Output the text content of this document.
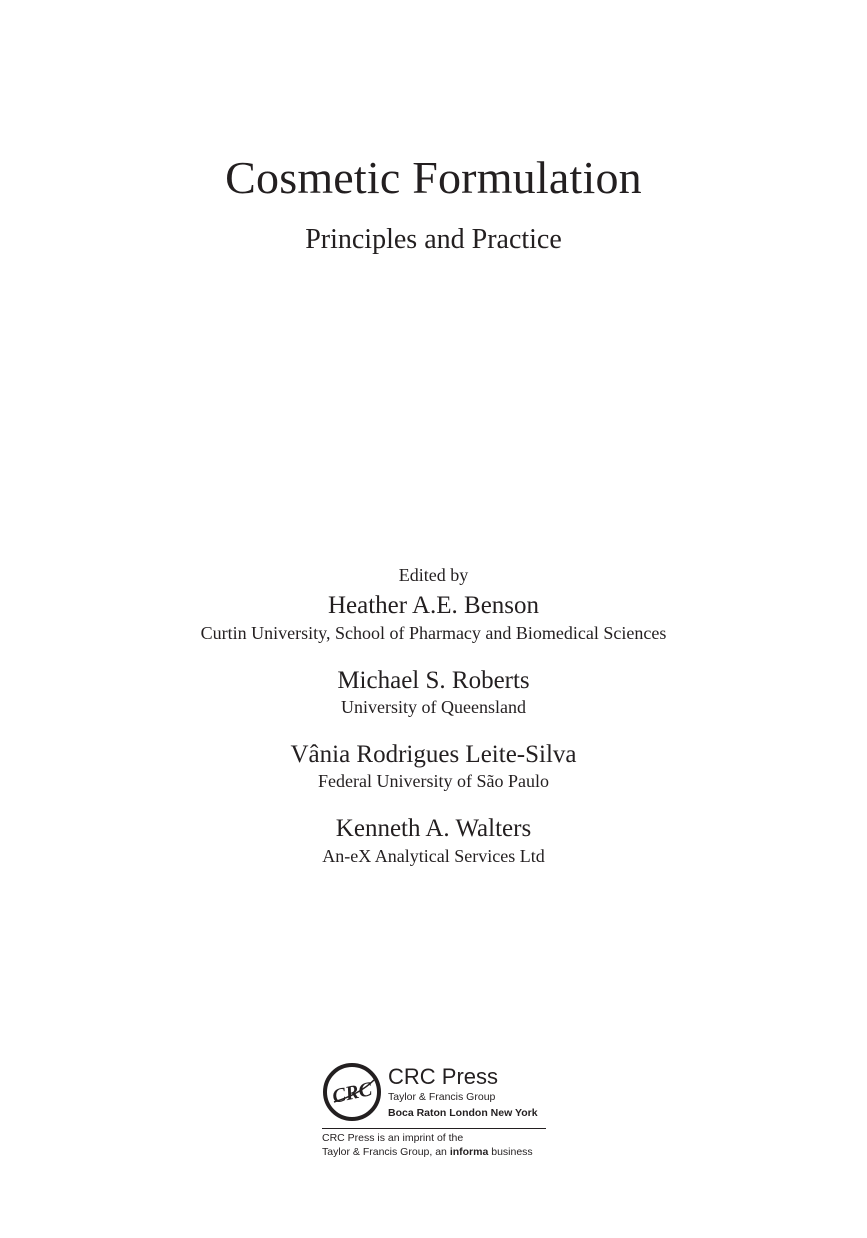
Cosmetic Formulation
Principles and Practice
Edited by
Heather A.E. Benson
Curtin University, School of Pharmacy and Biomedical Sciences
Michael S. Roberts
University of Queensland
Vânia Rodrigues Leite-Silva
Federal University of São Paulo
Kenneth A. Walters
An-eX Analytical Services Ltd
CRC
CRC Press
Taylor & Francis Group
Boca Raton London New York
CRC Press is an imprint of the
Taylor & Francis Group, an informa business
